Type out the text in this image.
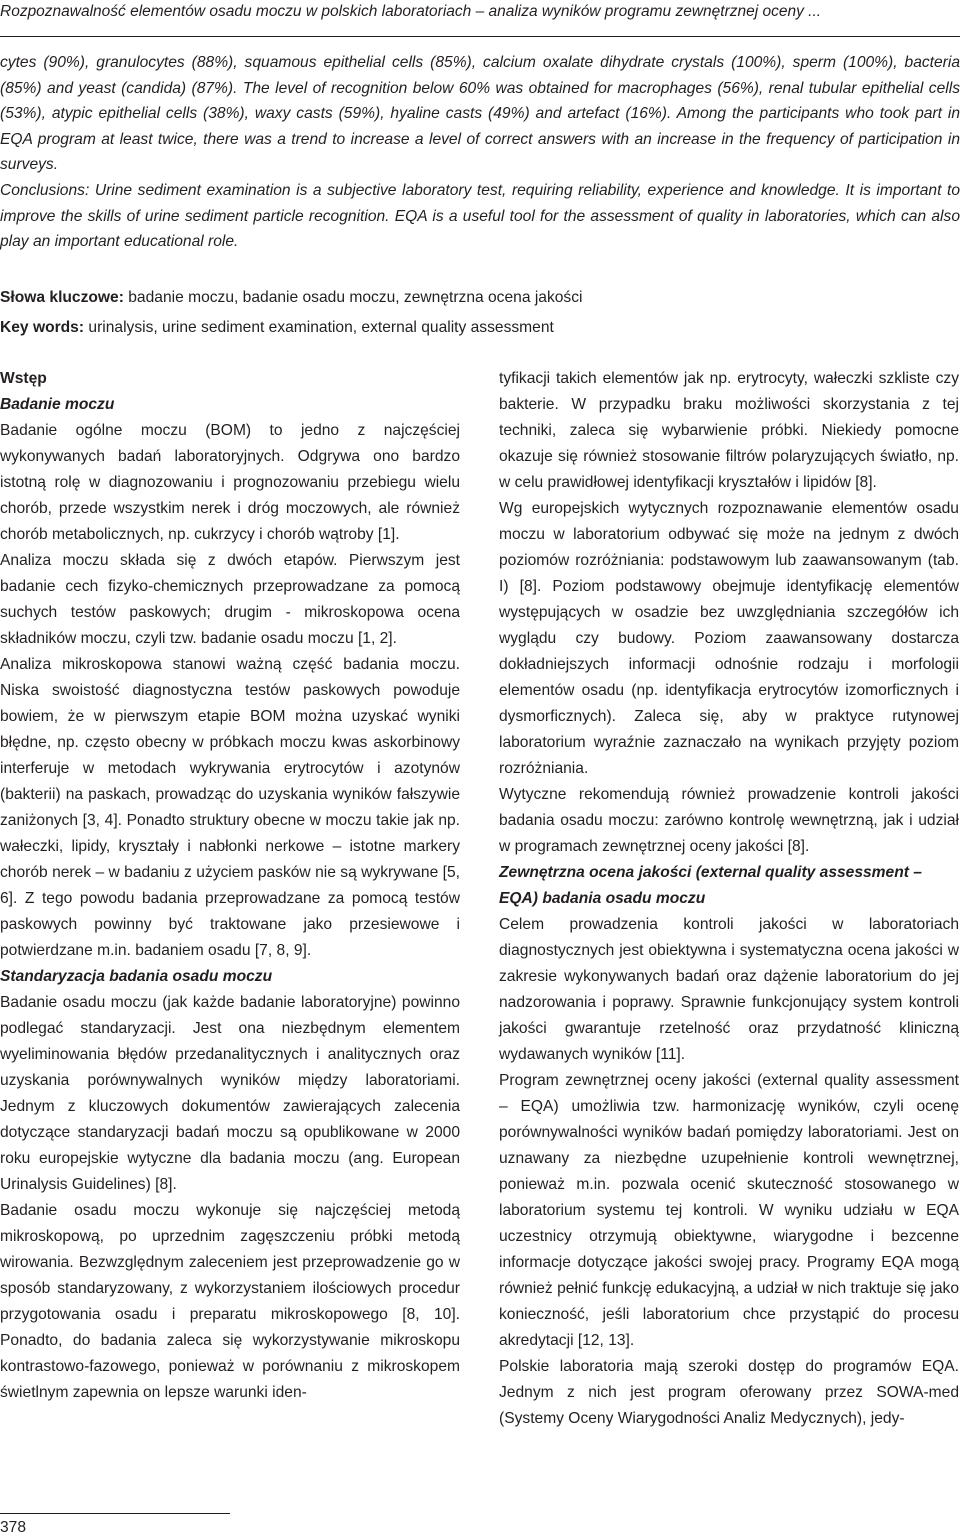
Rozpoznawalność elementów osadu moczu w polskich laboratoriach – analiza wyników programu zewnętrznej oceny ...

cytes (90%), granulocytes (88%), squamous epithelial cells (85%), calcium oxalate dihydrate crystals (100%), sperm (100%), bacteria (85%) and yeast (candida) (87%). The level of recognition below 60% was obtained for macrophages (56%), renal tubular epithelial cells (53%), atypic epithelial cells (38%), waxy casts (59%), hyaline casts (49%) and artefact (16%). Among the participants who took part in EQA program at least twice, there was a trend to increase a level of correct answers with an increase in the frequency of participation in surveys.

Conclusions: Urine sediment examination is a subjective laboratory test, requiring reliability, experience and knowledge. It is important to improve the skills of urine sediment particle recognition. EQA is a useful tool for the assessment of quality in laboratories, which can also play an important educational role.

Słowa kluczowe: badanie moczu, badanie osadu moczu, zewnętrzna ocena jakości
Key words: urinalysis, urine sediment examination, external quality assessment

Wstęp

Badanie moczu

Badanie ogólne moczu (BOM) to jedno z najczęściej wykonywanych badań laboratoryjnych. Odgrywa ono bardzo istotną rolę w diagnozowaniu i prognozowaniu przebiegu wielu chorób, przede wszystkim nerek i dróg moczowych, ale również chorób metabolicznych, np. cukrzycy i chorób wątroby [1].

Analiza moczu składa się z dwóch etapów. Pierwszym jest badanie cech fizyko-chemicznych przeprowadzane za pomocą suchych testów paskowych; drugim - mikroskopowa ocena składników moczu, czyli tzw. badanie osadu moczu [1, 2].

Analiza mikroskopowa stanowi ważną część badania moczu. Niska swoistość diagnostyczna testów paskowych powoduje bowiem, że w pierwszym etapie BOM można uzyskać wyniki błędne, np. często obecny w próbkach moczu kwas askorbinowy interferuje w metodach wykrywania erytrocytów i azotynów (bakterii) na paskach, prowadząc do uzyskania wyników fałszywie zaniżonych [3, 4]. Ponadto struktury obecne w moczu takie jak np. wałeczki, lipidy, kryształy i nabłonki nerkowe – istotne markery chorób nerek – w badaniu z użyciem pasków nie są wykrywane [5, 6]. Z tego powodu badania przeprowadzane za pomocą testów paskowych powinny być traktowane jako przesiewowe i potwierdzane m.in. badaniem osadu [7, 8, 9].

Standaryzacja badania osadu moczu

Badanie osadu moczu (jak każde badanie laboratoryjne) powinno podlegać standaryzacji. Jest ona niezbędnym elementem wyeliminowania błędów przedanalitycznych i analitycznych oraz uzyskania porównywalnych wyników między laboratoriami. Jednym z kluczowych dokumentów zawierających zalecenia dotyczące standaryzacji badań moczu są opublikowane w 2000 roku europejskie wytyczne dla badania moczu (ang. European Urinalysis Guidelines) [8].

Badanie osadu moczu wykonuje się najczęściej metodą mikroskopową, po uprzednim zagęszczeniu próbki metodą wirowania. Bezwzględnym zaleceniem jest przeprowadzenie go w sposób standaryzowany, z wykorzystaniem ilościowych procedur przygotowania osadu i preparatu mikroskopowego [8, 10]. Ponadto, do badania zaleca się wykorzystywanie mikroskopu kontrastowo-fazowego, ponieważ w porównaniu z mikroskopem świetlnym zapewnia on lepsze warunki iden-

tyfikacji takich elementów jak np. erytrocyty, wałeczki szkliste czy bakterie. W przypadku braku możliwości skorzystania z tej techniki, zaleca się wybarwienie próbki. Niekiedy pomocne okazuje się również stosowanie filtrów polaryzujących światło, np. w celu prawidłowej identyfikacji kryształów i lipidów [8].

Wg europejskich wytycznych rozpoznawanie elementów osadu moczu w laboratorium odbywać się może na jednym z dwóch poziomów rozróżniania: podstawowym lub zaawansowanym (tab. I) [8]. Poziom podstawowy obejmuje identyfikację elementów występujących w osadzie bez uwzględniania szczegółów ich wyglądu czy budowy. Poziom zaawansowany dostarcza dokładniejszych informacji odnośnie rodzaju i morfologii elementów osadu (np. identyfikacja erytrocytów izomorficznych i dysmorficznych). Zaleca się, aby w praktyce rutynowej laboratorium wyraźnie zaznaczało na wynikach przyjęty poziom rozróżniania.

Wytyczne rekomendują również prowadzenie kontroli jakości badania osadu moczu: zarówno kontrolę wewnętrzną, jak i udział w programach zewnętrznej oceny jakości [8].

Zewnętrzna ocena jakości (external quality assessment – EQA) badania osadu moczu

Celem prowadzenia kontroli jakości w laboratoriach diagnostycznych jest obiektywna i systematyczna ocena jakości w zakresie wykonywanych badań oraz dążenie laboratorium do jej nadzorowania i poprawy. Sprawnie funkcjonujący system kontroli jakości gwarantuje rzetelność oraz przydatność kliniczną wydawanych wyników [11].

Program zewnętrznej oceny jakości (external quality assessment – EQA) umożliwia tzw. harmonizację wyników, czyli ocenę porównywalności wyników badań pomiędzy laboratoriami. Jest on uznawany za niezbędne uzupełnienie kontroli wewnętrznej, ponieważ m.in. pozwala ocenić skuteczność stosowanego w laboratorium systemu tej kontroli. W wyniku udziału w EQA uczestnicy otrzymują obiektywne, wiarygodne i bezcenne informacje dotyczące jakości swojej pracy. Programy EQA mogą również pełnić funkcję edukacyjną, a udział w nich traktuje się jako konieczność, jeśli laboratorium chce przystąpić do procesu akredytacji [12, 13].

Polskie laboratoria mają szeroki dostęp do programów EQA. Jednym z nich jest program oferowany przez SOWA-med (Systemy Oceny Wiarygodności Analiz Medycznych), jedy-

378
